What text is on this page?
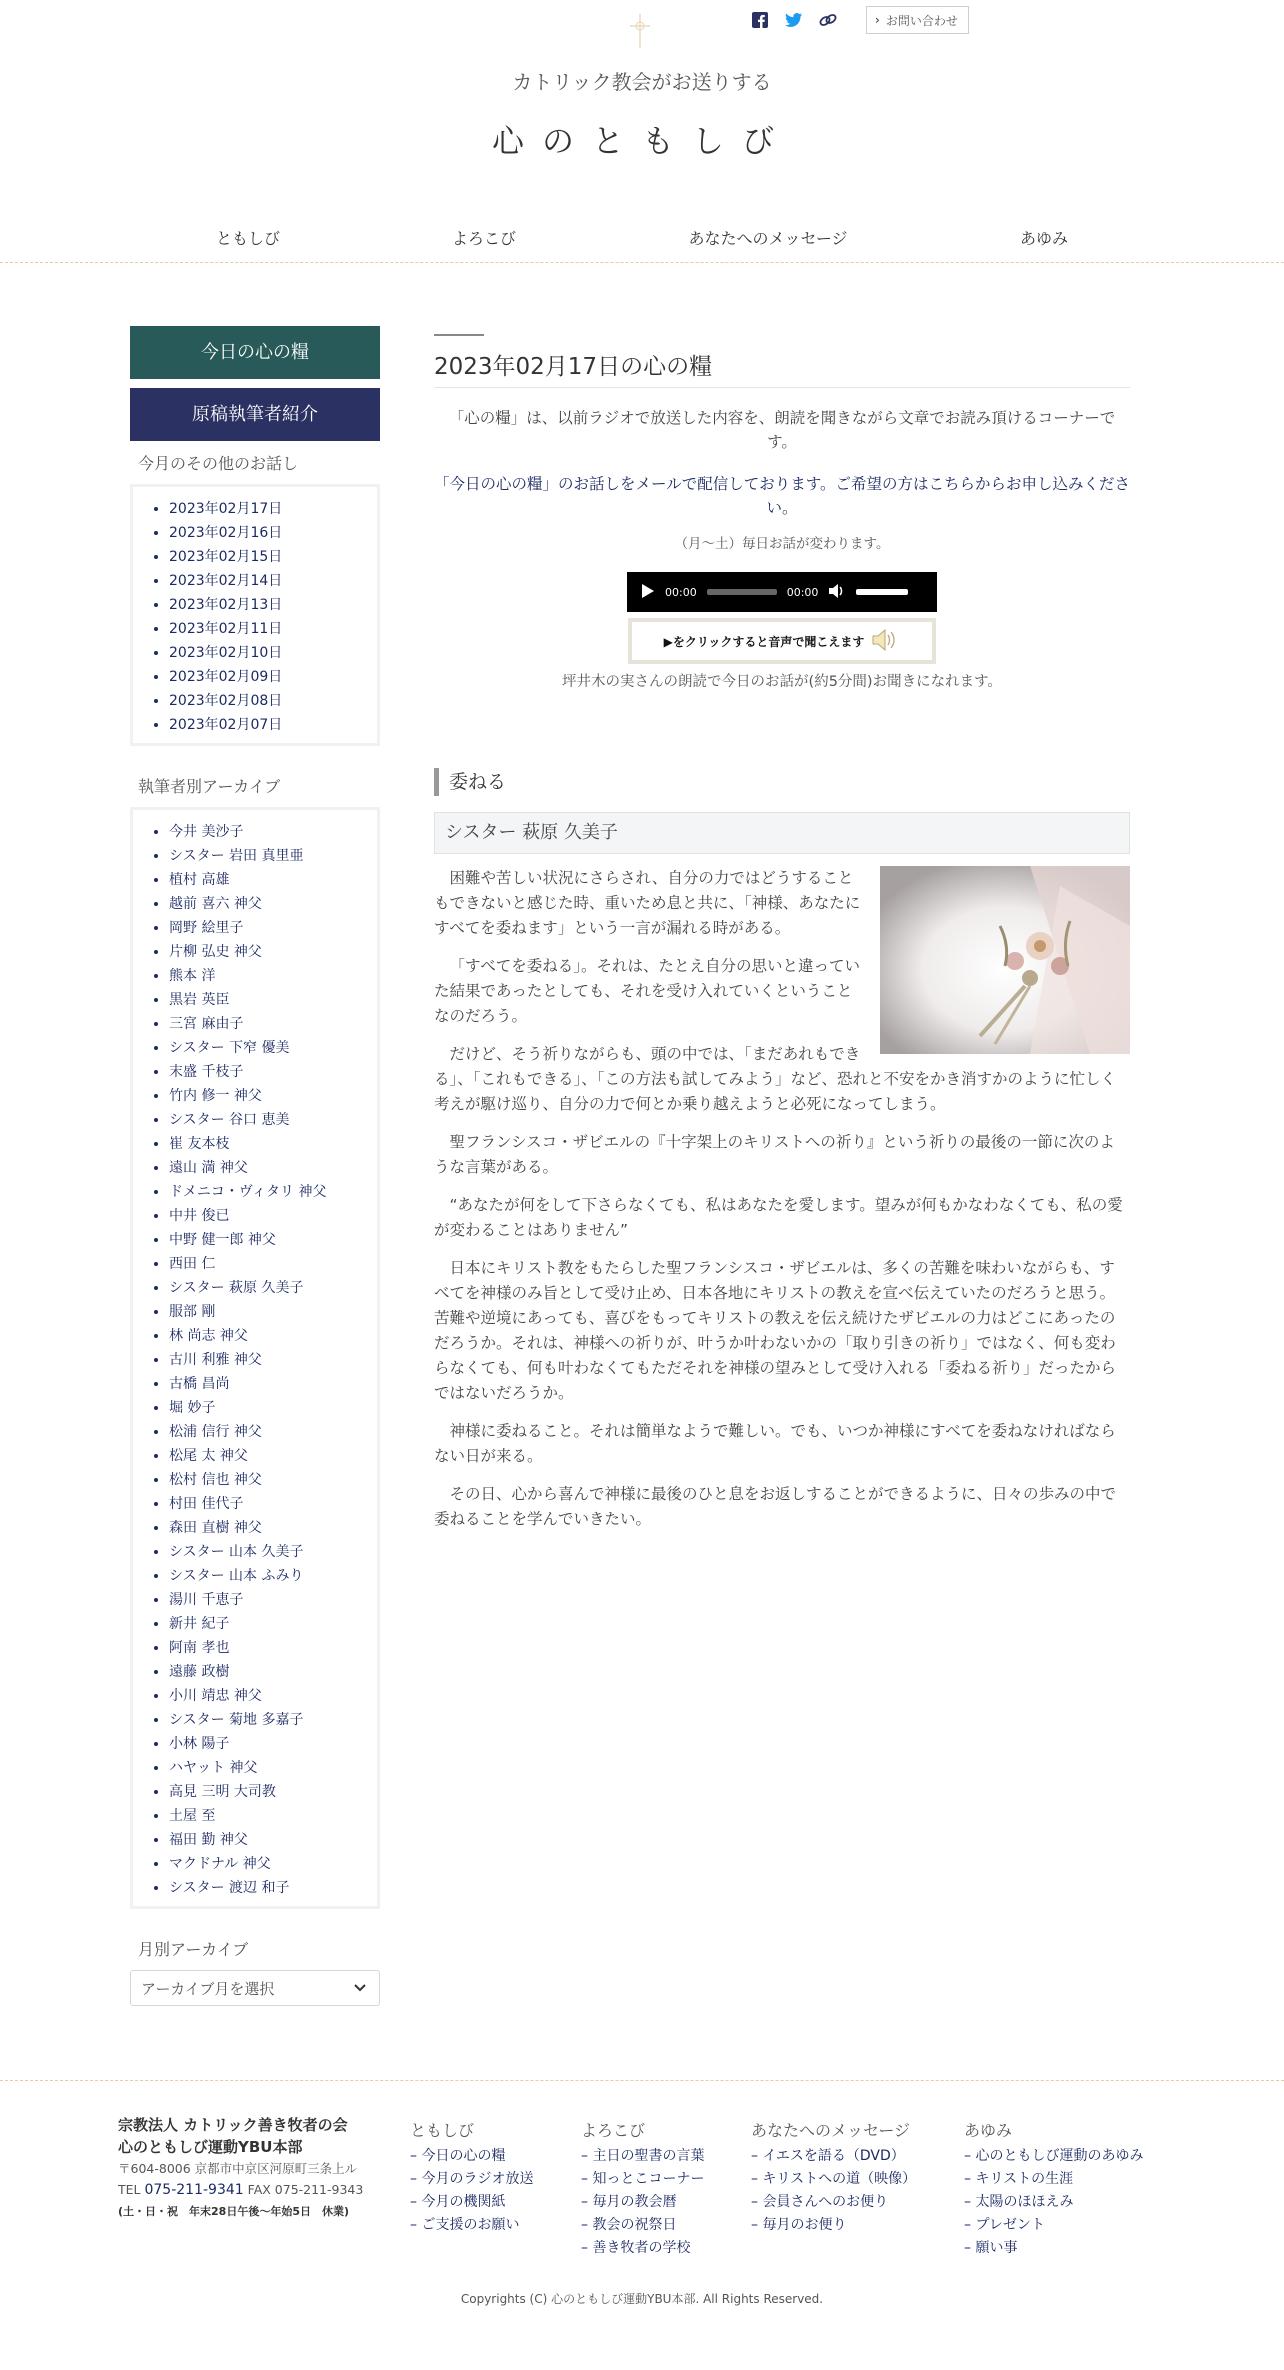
› お問い合わせ
カトリック教会がお送りする
心のともしび
ともしび	よろこび	あなたへのメッセージ	あゆみ
今日の心の糧
原稿執筆者紹介
今月のその他のお話し
• 2023年02月17日
• 2023年02月16日
• 2023年02月15日
• 2023年02月14日
• 2023年02月13日
• 2023年02月11日
• 2023年02月10日
• 2023年02月09日
• 2023年02月08日
• 2023年02月07日
執筆者別アーカイブ
• 今井 美沙子
• シスター 岩田 真里亜
• 植村 高雄
• 越前 喜六 神父
• 岡野 絵里子
• 片柳 弘史 神父
• 熊本 洋
• 黒岩 英臣
• 三宮 麻由子
• シスター 下窄 優美
• 末盛 千枝子
• 竹内 修一 神父
• シスター 谷口 恵美
• 崔 友本枝
• 遠山 満 神父
• ドメニコ・ヴィタリ 神父
• 中井 俊已
• 中野 健一郎 神父
• 西田 仁
• シスター 萩原 久美子
• 服部 剛
• 林 尚志 神父
• 古川 利雅 神父
• 古橋 昌尚
• 堀 妙子
• 松浦 信行 神父
• 松尾 太 神父
• 松村 信也 神父
• 村田 佳代子
• 森田 直樹 神父
• シスター 山本 久美子
• シスター 山本 ふみり
• 湯川 千恵子
• 新井 紀子
• 阿南 孝也
• 遠藤 政樹
• 小川 靖忠 神父
• シスター 菊地 多嘉子
• 小林 陽子
• ハヤット 神父
• 高見 三明 大司教
• 土屋 至
• 福田 勤 神父
• マクドナル 神父
• シスター 渡辺 和子
月別アーカイブ
アーカイブ月を選択
2023年02月17日の心の糧

「心の糧」は、以前ラジオで放送した内容を、朗読を聞きながら文章でお読み頂けるコーナーです。

「今日の心の糧」のお話しをメールで配信しております。ご希望の方はこちらからお申し込みください。

（月～土）毎日お話が変わります。

00:00	00:00
▶をクリックすると音声で聞こえます

坪井木の実さんの朗読で今日のお話が(約5分間)お聞きになれます。

委ねる
シスター 萩原 久美子

困難や苦しい状況にさらされ、自分の力ではどうすることもできないと感じた時、重いため息と共に、「神様、あなたにすべてを委ねます」という一言が漏れる時がある。

「すべてを委ねる」。それは、たとえ自分の思いと違っていた結果であったとしても、それを受け入れていくということなのだろう。

だけど、そう祈りながらも、頭の中では、「まだあれもできる」、「これもできる」、「この方法も試してみよう」など、恐れと不安をかき消すかのように忙しく考えが駆け巡り、自分の力で何とか乗り越えようと必死になってしまう。

聖フランシスコ・ザビエルの『十字架上のキリストへの祈り』という祈りの最後の一節に次のような言葉がある。

“あなたが何をして下さらなくても、私はあなたを愛します。望みが何もかなわなくても、私の愛が変わることはありません”

日本にキリスト教をもたらした聖フランシスコ・ザビエルは、多くの苦難を味わいながらも、すべてを神様のみ旨として受け止め、日本各地にキリストの教えを宣べ伝えていたのだろうと思う。苦難や逆境にあっても、喜びをもってキリストの教えを伝え続けたザビエルの力はどこにあったのだろうか。それは、神様への祈りが、叶うか叶わないかの「取り引きの祈り」ではなく、何も変わらなくても、何も叶わなくてもただそれを神様の望みとして受け入れる「委ねる祈り」だったからではないだろうか。

神様に委ねること。それは簡単なようで難しい。でも、いつか神様にすべてを委ねなければならない日が来る。

その日、心から喜んで神様に最後のひと息をお返しすることができるように、日々の歩みの中で委ねることを学んでいきたい。

宗教法人 カトリック善き牧者の会
心のともしび運動YBU本部
〒604-8006 京都市中京区河原町三条上ル
TEL 075-211-9341 FAX 075-211-9343
(土・日・祝　年末28日午後〜年始5日　休業)
ともしび
– 今日の心の糧
– 今月のラジオ放送
– 今月の機関紙
– ご支援のお願い
よろこび
– 主日の聖書の言葉
– 知っとこコーナー
– 毎月の教会暦
– 教会の祝祭日
– 善き牧者の学校
あなたへのメッセージ
– イエスを語る（DVD）
– キリストへの道（映像）
– 会員さんへのお便り
– 毎月のお便り
あゆみ
– 心のともしび運動のあゆみ
– キリストの生涯
– 太陽のほほえみ
– プレゼント
– 願い事
Copyrights (C) 心のともしび運動YBU本部. All Rights Reserved.
